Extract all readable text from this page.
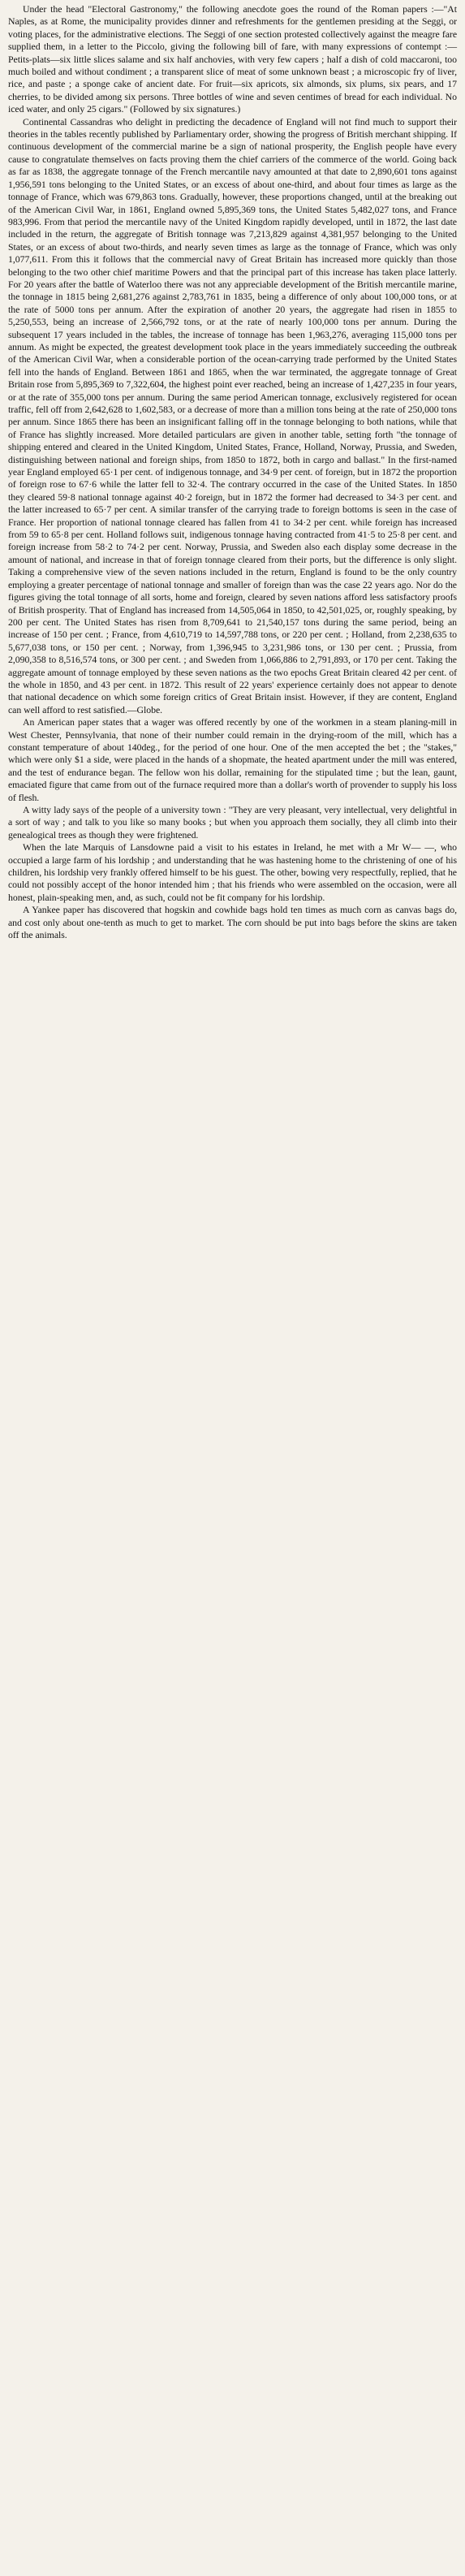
Under the head "Electoral Gastronomy," the following anecdote goes the round of the Roman papers :—"At Naples, as at Rome, the municipality provides dinner and refreshments for the gentlemen presiding at the Seggi, or voting places, for the administrative elections. The Seggi of one section protested collectively against the meagre fare supplied them, in a letter to the Piccolo, giving the following bill of fare, with many expressions of contempt :—Petits-plats—six little slices salame and six half anchovies, with very few capers ; half a dish of cold maccaroni, too much boiled and without condiment ; a transparent slice of meat of some unknown beast ; a microscopic fry of liver, rice, and paste ; a sponge cake of ancient date. For fruit—six apricots, six almonds, six plums, six pears, and 17 cherries, to be divided among six persons. Three bottles of wine and seven centimes of bread for each individual. No iced water, and only 25 cigars." (Followed by six signatures.)

Continental Cassandras who delight in predicting the decadence of England will not find much to support their theories in the tables recently published by Parliamentary order, showing the progress of British merchant shipping. If continuous development of the commercial marine be a sign of national prosperity, the English people have every cause to congratulate themselves on facts proving them the chief carriers of the commerce of the world. Going back as far as 1838, the aggregate tonnage of the French mercantile navy amounted at that date to 2,890,601 tons against 1,956,591 tons belonging to the United States, or an excess of about one-third, and about four times as large as the tonnage of France, which was 679,863 tons. Gradually, however, these proportions changed, until at the breaking out of the American Civil War, in 1861, England owned 5,895,369 tons, the United States 5,482,027 tons, and France 983,996. From that period the mercantile navy of the United Kingdom rapidly developed, until in 1872, the last date included in the return, the aggregate of British tonnage was 7,213,829 against 4,381,957 belonging to the United States, or an excess of about two-thirds, and nearly seven times as large as the tonnage of France, which was only 1,077,611. From this it follows that the commercial navy of Great Britain has increased more quickly than those belonging to the two other chief maritime Powers and that the principal part of this increase has taken place latterly. For 20 years after the battle of Waterloo there was not any appreciable development of the British mercantile marine, the tonnage in 1815 being 2,681,276 against 2,783,761 in 1835, being a difference of only about 100,000 tons, or at the rate of 5000 tons per annum. After the expiration of another 20 years, the aggregate had risen in 1855 to 5,250,553, being an increase of 2,566,792 tons, or at the rate of nearly 100,000 tons per annum. During the subsequent 17 years included in the tables, the increase of tonnage has been 1,963,276, averaging 115,000 tons per annum. As might be expected, the greatest development took place in the years immediately succeeding the outbreak of the American Civil War, when a considerable portion of the ocean-carrying trade performed by the United States fell into the hands of England. Between 1861 and 1865, when the war terminated, the aggregate tonnage of Great Britain rose from 5,895,369 to 7,322,604, the highest point ever reached, being an increase of 1,427,235 in four years, or at the rate of 355,000 tons per annum. During the same period American tonnage, exclusively registered for ocean traffic, fell off from 2,642,628 to 1,602,583, or a decrease of more than a million tons being at the rate of 250,000 tons per annum. Since 1865 there has been an insignificant falling off in the tonnage belonging to both nations, while that of France has slightly increased. More detailed particulars are given in another table, setting forth "the tonnage of shipping entered and cleared in the United Kingdom, United States, France, Holland, Norway, Prussia, and Sweden, distinguishing between national and foreign ships, from 1850 to 1872, both in cargo and ballast." In the first-named year England employed 65·1 per cent. of indigenous tonnage, and 34·9 per cent. of foreign, but in 1872 the proportion of foreign rose to 67·6 while the latter fell to 32·4. The contrary occurred in the case of the United States. In 1850 they cleared 59·8 national tonnage against 40·2 foreign, but in 1872 the former had decreased to 34·3 per cent. and the latter increased to 65·7 per cent. A similar transfer of the carrying trade to foreign bottoms is seen in the case of France. Her proportion of national tonnage cleared has fallen from 41 to 34·2 per cent. while foreign has increased from 59 to 65·8 per cent. Holland follows suit, indigenous tonnage having contracted from 41·5 to 25·8 per cent. and foreign increase from 58·2 to 74·2 per cent. Norway, Prussia, and Sweden also each display some decrease in the amount of national, and increase in that of foreign tonnage cleared from their ports, but the difference is only slight. Taking a comprehensive view of the seven nations included in the return, England is found to be the only country employing a greater percentage of national tonnage and smaller of foreign than was the case 22 years ago. Nor do the figures giving the total tonnage of all sorts, home and foreign, cleared by seven nations afford less satisfactory proofs of British prosperity. That of England has increased from 14,505,064 in 1850, to 42,501,025, or, roughly speaking, by 200 per cent. The United States has risen from 8,709,641 to 21,540,157 tons during the same period, being an increase of 150 per cent. ; France, from 4,610,719 to 14,597,788 tons, or 220 per cent. ; Holland, from 2,238,635 to 5,677,038 tons, or 150 per cent. ; Norway, from 1,396,945 to 3,231,986 tons, or 130 per cent. ; Prussia, from 2,090,358 to 8,516,574 tons, or 300 per cent. ; and Sweden from 1,066,886 to 2,791,893, or 170 per cent. Taking the aggregate amount of tonnage employed by these seven nations as the two epochs Great Britain cleared 42 per cent. of the whole in 1850, and 43 per cent. in 1872. This result of 22 years' experience certainly does not appear to denote that national decadence on which some foreign critics of Great Britain insist. However, if they are content, England can well afford to rest satisfied.—Globe.

An American paper states that a wager was offered recently by one of the workmen in a steam planing-mill in West Chester, Pennsylvania, that none of their number could remain in the drying-room of the mill, which has a constant temperature of about 140deg., for the period of one hour. One of the men accepted the bet ; the "stakes," which were only $1 a side, were placed in the hands of a shopmate, the heated apartment under the mill was entered, and the test of endurance began. The fellow won his dollar, remaining for the stipulated time ; but the lean, gaunt, emaciated figure that came from out of the furnace required more than a dollar's worth of provender to supply his loss of flesh.

A witty lady says of the people of a university town : "They are very pleasant, very intellectual, very delightful in a sort of way ; and talk to you like so many books ; but when you approach them socially, they all climb into their genealogical trees as though they were frightened.

When the late Marquis of Lansdowne paid a visit to his estates in Ireland, he met with a Mr W— —, who occupied a large farm of his lordship ; and understanding that he was hastening home to the christening of one of his children, his lordship very frankly offered himself to be his guest. The other, bowing very respectfully, replied, that he could not possibly accept of the honor intended him ; that his friends who were assembled on the occasion, were all honest, plain-speaking men, and, as such, could not be fit company for his lordship.

A Yankee paper has discovered that hogskin and cowhide bags hold ten times as much corn as canvas bags do, and cost only about one-tenth as much to get to market. The corn should be put into bags before the skins are taken off the animals.
